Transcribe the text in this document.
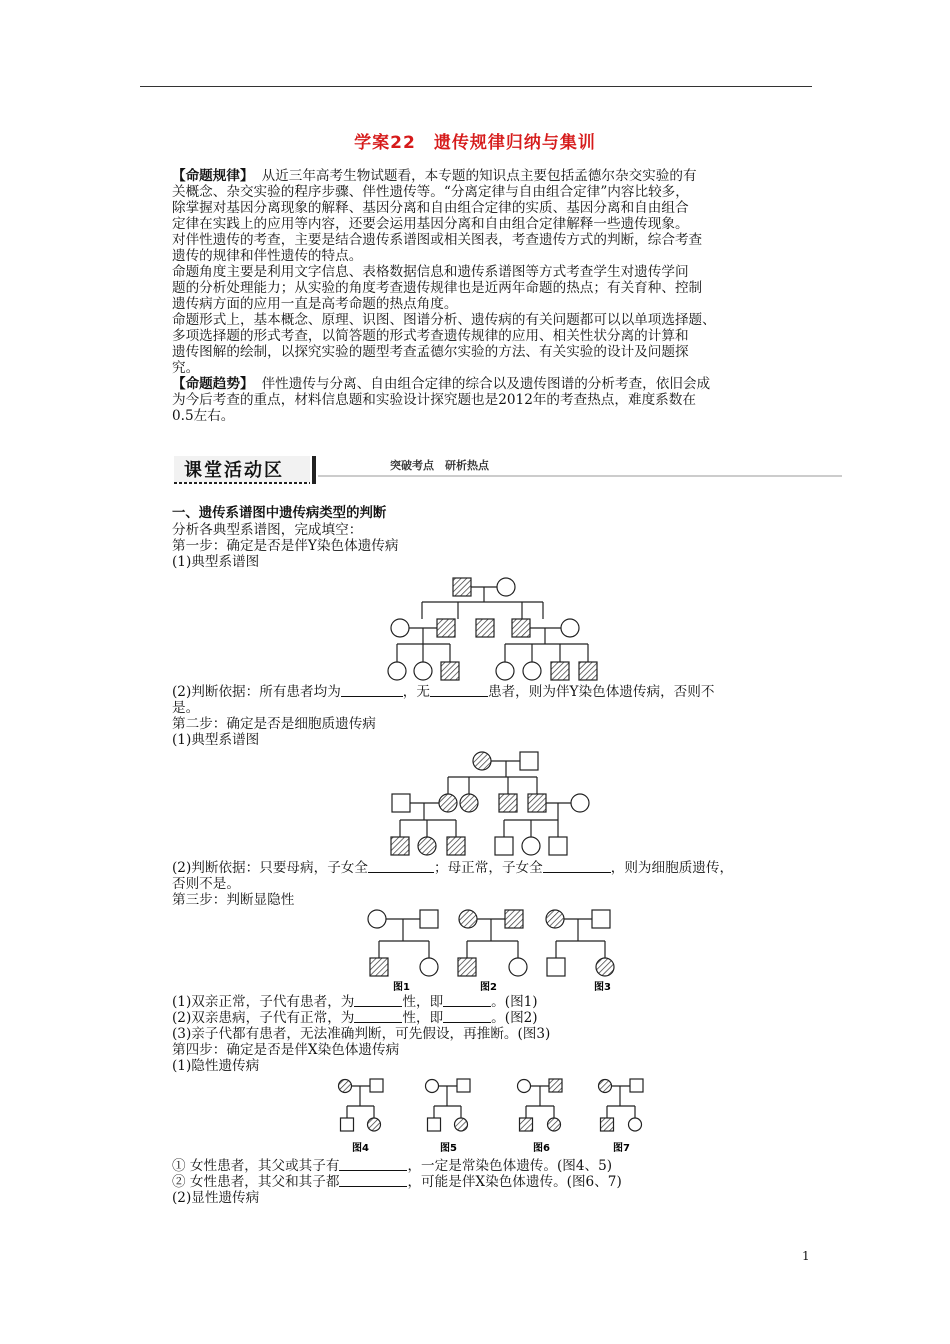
学案22　遗传规律归纳与集训

【命题规律】 从近三年高考生物试题看，本专题的知识点主要包括孟德尔杂交实验的有

关概念、杂交实验的程序步骤、伴性遗传等。“分离定律与自由组合定律”内容比较多，

除掌握对基因分离现象的解释、基因分离和自由组合定律的实质、基因分离和自由组合

定律在实践上的应用等内容，还要会运用基因分离和自由组合定律解释一些遗传现象。

对伴性遗传的考查，主要是结合遗传系谱图或相关图表，考查遗传方式的判断，综合考查

遗传的规律和伴性遗传的特点。

命题角度主要是利用文字信息、表格数据信息和遗传系谱图等方式考查学生对遗传学问

题的分析处理能力；从实验的角度考查遗传规律也是近两年命题的热点；有关育种、控制

遗传病方面的应用一直是高考命题的热点角度。

命题形式上，基本概念、原理、识图、图谱分析、遗传病的有关问题都可以以单项选择题、

多项选择题的形式考查，以简答题的形式考查遗传规律的应用、相关性状分离的计算和

遗传图解的绘制，以探究实验的题型考查孟德尔实验的方法、有关实验的设计及问题探

究。

【命题趋势】 伴性遗传与分离、自由组合定律的综合以及遗传图谱的分析考查，依旧会成

为今后考查的重点，材料信息题和实验设计探究题也是2012年的考查热点，难度系数在

0.5左右。

课堂活动区	突破考点　研析热点
一、遗传系谱图中遗传病类型的判断
分析各典型系谱图，完成填空：
第一步：确定是否是伴Y染色体遗传病
(1)典型系谱图
(2)判断依据：所有患者均为	，无	患者，则为伴Y染色体遗传病，否则不
是。
第二步：确定是否是细胞质遗传病
(1)典型系谱图
(2)判断依据：只要母病，子女全	；母正常，子女全	，则为细胞质遗传，
否则不是。
第三步：判断显隐性
图1	图2	图3
(1)双亲正常，子代有患者，为	性，即	。(图1)
(2)双亲患病，子代有正常，为	性，即	。(图2)
(3)亲子代都有患者，无法准确判断，可先假设，再推断。(图3)
第四步：确定是否是伴X染色体遗传病
(1)隐性遗传病
图4	图5	图6	图7
① 女性患者，其父或其子有	，一定是常染色体遗传。(图4、5)
② 女性患者，其父和其子都	，可能是伴X染色体遗传。(图6、7)
(2)显性遗传病
1
